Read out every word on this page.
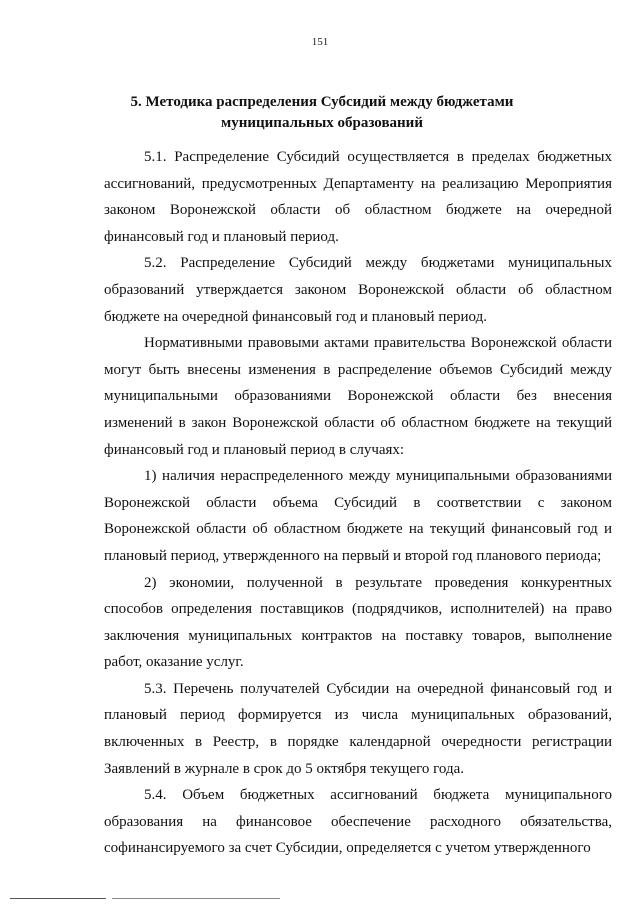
151
5. Методика распределения Субсидий между бюджетами
муниципальных образований

5.1. Распределение Субсидий осуществляется в пределах бюджетных ассигнований, предусмотренных Департаменту на реализацию Мероприятия законом Воронежской области об областном бюджете на очередной финансовый год и плановый период.

5.2. Распределение Субсидий между бюджетами муниципальных образований утверждается законом Воронежской области об областном бюджете на очередной финансовый год и плановый период.

Нормативными правовыми актами правительства Воронежской области могут быть внесены изменения в распределение объемов Субсидий между муниципальными образованиями Воронежской области без внесения изменений в закон Воронежской области об областном бюджете на текущий финансовый год и плановый период в случаях:

1) наличия нераспределенного между муниципальными образованиями Воронежской области объема Субсидий в соответствии с законом Воронежской области об областном бюджете на текущий финансовый год и плановый период, утвержденного на первый и второй год планового периода;

2) экономии, полученной в результате проведения конкурентных способов определения поставщиков (подрядчиков, исполнителей) на право заключения муниципальных контрактов на поставку товаров, выполнение работ, оказание услуг.

5.3. Перечень получателей Субсидии на очередной финансовый год и плановый период формируется из числа муниципальных образований, включенных в Реестр, в порядке календарной очередности регистрации Заявлений в журнале в срок до 5 октября текущего года.

5.4. Объем бюджетных ассигнований бюджета муниципального образования на финансовое обеспечение расходного обязательства, софинансируемого за счет Субсидии, определяется с учетом утвержденного
